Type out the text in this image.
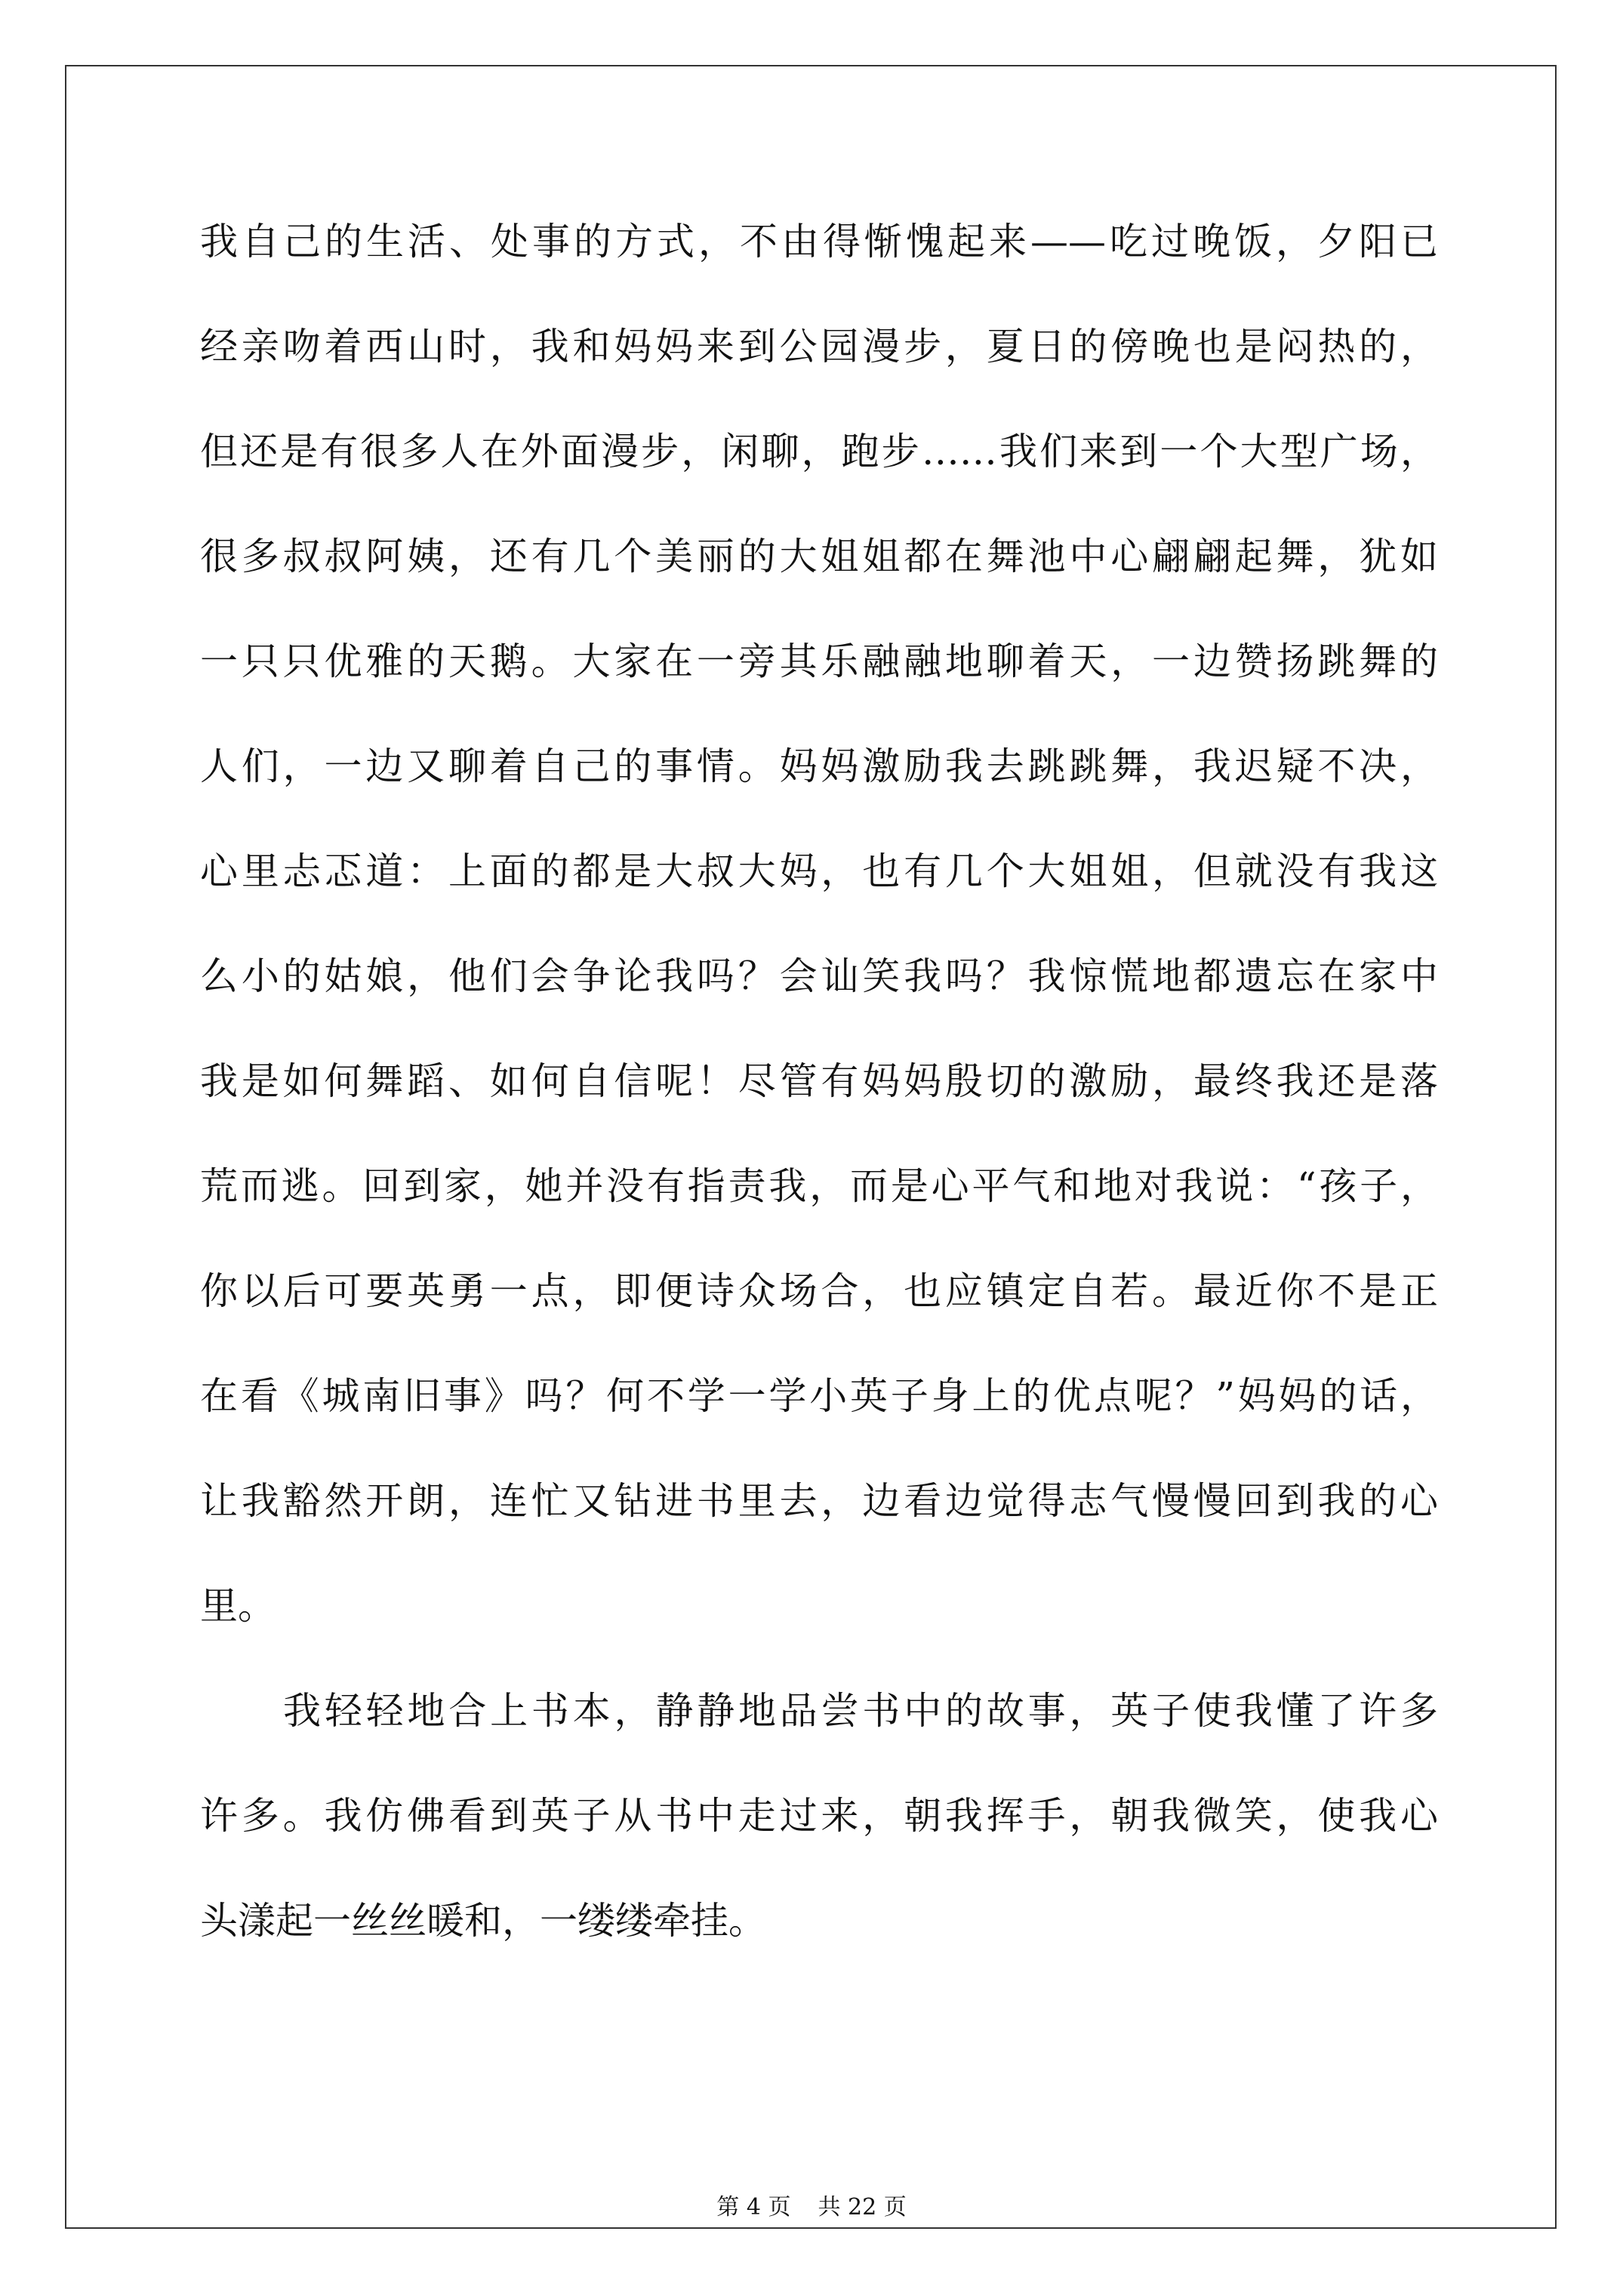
我自己的生活、处事的方式，不由得惭愧起来——吃过晚饭，夕阳已
经亲吻着西山时，我和妈妈来到公园漫步，夏日的傍晚也是闷热的，
但还是有很多人在外面漫步，闲聊，跑步……我们来到一个大型广场，
很多叔叔阿姨，还有几个美丽的大姐姐都在舞池中心翩翩起舞，犹如
一只只优雅的天鹅。大家在一旁其乐融融地聊着天，一边赞扬跳舞的
人们，一边又聊着自己的事情。妈妈激励我去跳跳舞，我迟疑不决，
心里忐忑道：上面的都是大叔大妈，也有几个大姐姐，但就没有我这
么小的姑娘，他们会争论我吗？会讪笑我吗？我惊慌地都遗忘在家中
我是如何舞蹈、如何自信呢！尽管有妈妈殷切的激励，最终我还是落
荒而逃。回到家，她并没有指责我，而是心平气和地对我说：“孩子，
你以后可要英勇一点，即便诗众场合，也应镇定自若。最近你不是正
在看《城南旧事》吗？何不学一学小英子身上的优点呢？”妈妈的话，
让我豁然开朗，连忙又钻进书里去，边看边觉得志气慢慢回到我的心
里。
我轻轻地合上书本，静静地品尝书中的故事，英子使我懂了许多
许多。我仿佛看到英子从书中走过来，朝我挥手，朝我微笑，使我心
头漾起一丝丝暖和，一缕缕牵挂。
第 4 页 共 22 页
